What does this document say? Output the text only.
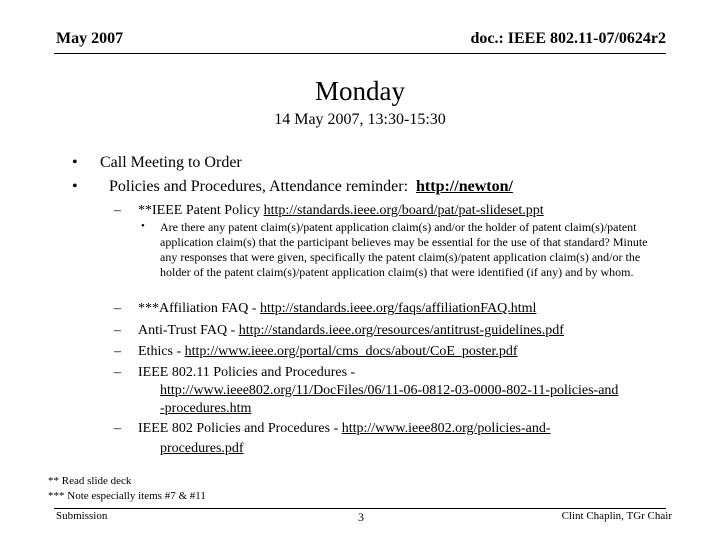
May 2007	doc.: IEEE 802.11-07/0624r2
Monday
14 May 2007, 13:30-15:30
• Call Meeting to Order
• Policies and Procedures, Attendance reminder:  http://newton/
– **IEEE Patent Policy http://standards.ieee.org/board/pat/pat-slideset.ppt
• Are there any patent claim(s)/patent application claim(s) and/or the holder of patent claim(s)/patent application claim(s) that the participant believes may be essential for the use of that standard? Minute any responses that were given, specifically the patent claim(s)/patent application claim(s) and/or the holder of the patent claim(s)/patent application claim(s) that were identified (if any) and by whom.
– ***Affiliation FAQ - http://standards.ieee.org/faqs/affiliationFAQ.html
– Anti-Trust FAQ - http://standards.ieee.org/resources/antitrust-guidelines.pdf
– Ethics - http://www.ieee.org/portal/cms_docs/about/CoE_poster.pdf
– IEEE 802.11 Policies and Procedures -
http://www.ieee802.org/11/DocFiles/06/11-06-0812-03-0000-802-11-policies-and
-procedures.htm
– IEEE 802 Policies and Procedures - http://www.ieee802.org/policies-and-
procedures.pdf
** Read slide deck
*** Note especially items #7 & #11
Submission	3	Clint Chaplin, TGr Chair
